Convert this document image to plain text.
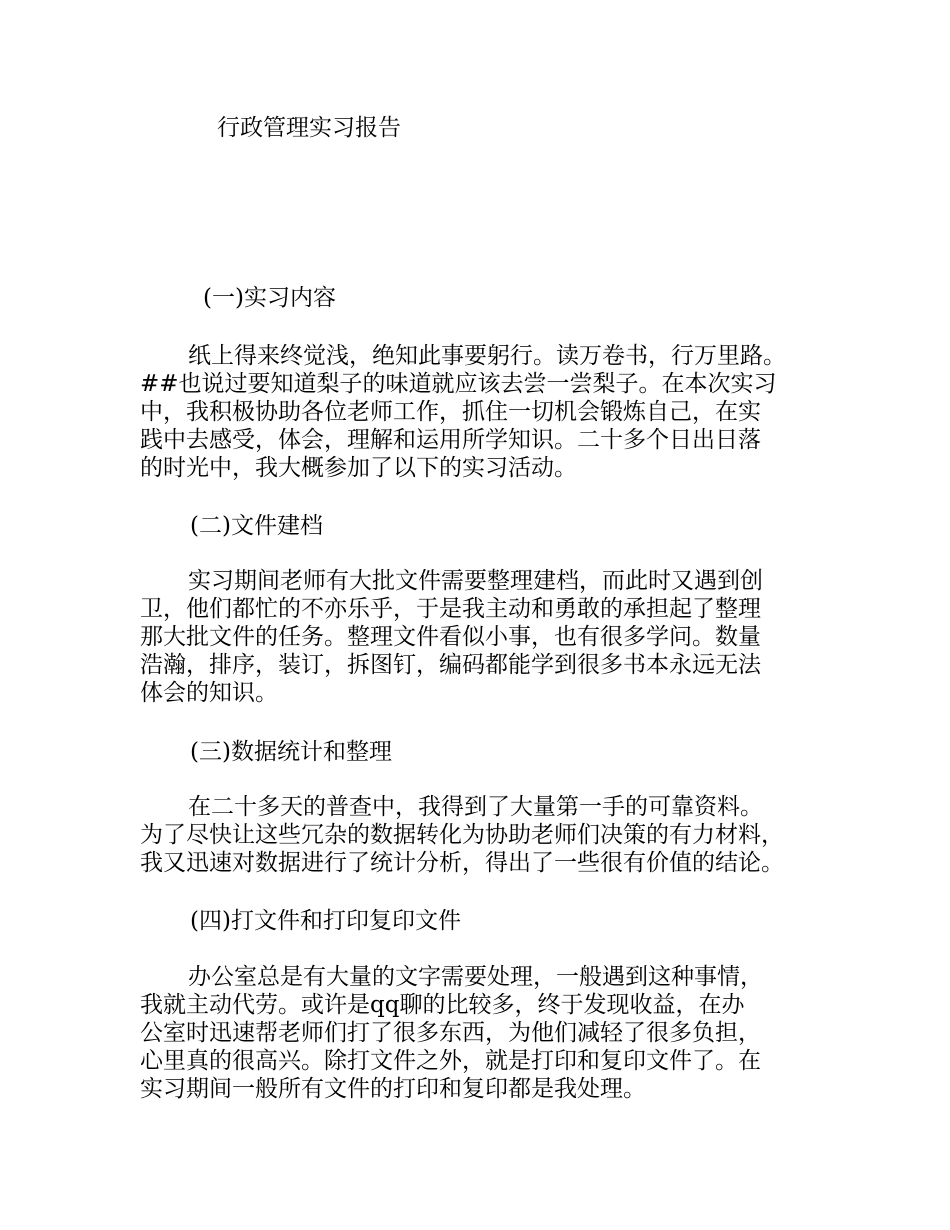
行政管理实习报告
(一)实习内容
纸上得来终觉浅，绝知此事要躬行。读万卷书，行万里路。
##也说过要知道梨子的味道就应该去尝一尝梨子。在本次实习
中，我积极协助各位老师工作，抓住一切机会锻炼自己，在实
践中去感受，体会，理解和运用所学知识。二十多个日出日落
的时光中，我大概参加了以下的实习活动。
(二)文件建档
实习期间老师有大批文件需要整理建档，而此时又遇到创
卫，他们都忙的不亦乐乎，于是我主动和勇敢的承担起了整理
那大批文件的任务。整理文件看似小事，也有很多学问。数量
浩瀚，排序，装订，拆图钉，编码都能学到很多书本永远无法
体会的知识。
(三)数据统计和整理
在二十多天的普查中，我得到了大量第一手的可靠资料。
为了尽快让这些冗杂的数据转化为协助老师们决策的有力材料，
我又迅速对数据进行了统计分析，得出了一些很有价值的结论。
(四)打文件和打印复印文件
办公室总是有大量的文字需要处理，一般遇到这种事情，
我就主动代劳。或许是qq聊的比较多，终于发现收益，在办
公室时迅速帮老师们打了很多东西，为他们减轻了很多负担，
心里真的很高兴。除打文件之外，就是打印和复印文件了。在
实习期间一般所有文件的打印和复印都是我处理。
